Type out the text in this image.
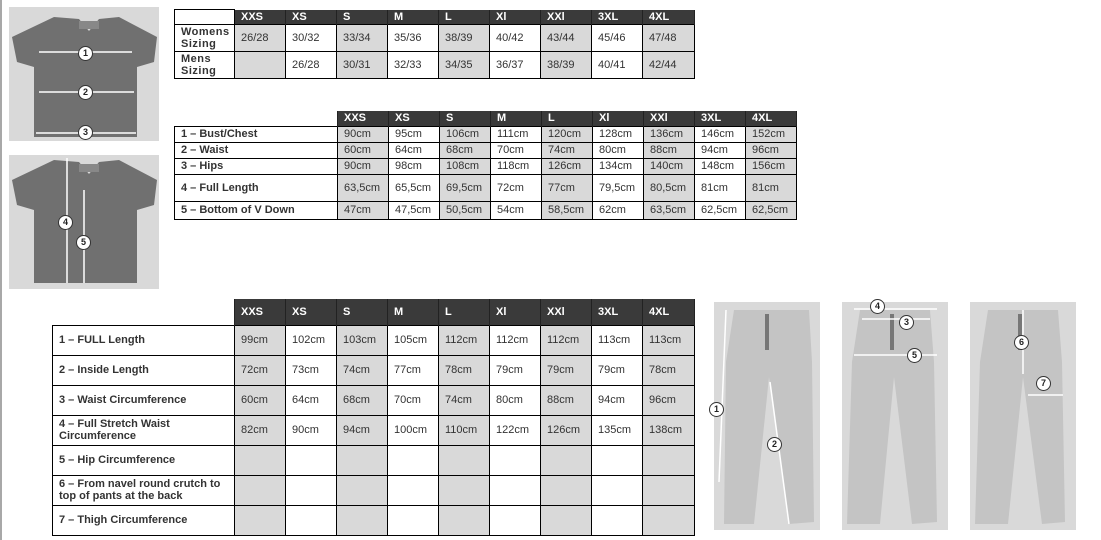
1
2
3
4
5
	XXS	XS	S	M	L	Xl	XXl	3XL	4XL
Womens Sizing	26/28	30/32	33/34	35/36	38/39	40/42	43/44	45/46	47/48
Mens Sizing		26/28	30/31	32/33	34/35	36/37	38/39	40/41	42/44
	XXS	XS	S	M	L	Xl	XXl	3XL	4XL
1 – Bust/Chest	90cm	95cm	106cm	111cm	120cm	128cm	136cm	146cm	152cm
2 – Waist	60cm	64cm	68cm	70cm	74cm	80cm	88cm	94cm	96cm
3 – Hips	90cm	98cm	108cm	118cm	126cm	134cm	140cm	148cm	156cm
4 – Full Length	63,5cm	65,5cm	69,5cm	72cm	77cm	79,5cm	80,5cm	81cm	81cm
5 – Bottom of V Down	47cm	47,5cm	50,5cm	54cm	58,5cm	62cm	63,5cm	62,5cm	62,5cm
	XXS	XS	S	M	L	Xl	XXl	3XL	4XL
1 – FULL Length	99cm	102cm	103cm	105cm	112cm	112cm	112cm	113cm	113cm
2 – Inside Length	72cm	73cm	74cm	77cm	78cm	79cm	79cm	79cm	78cm
3 – Waist Circumference	60cm	64cm	68cm	70cm	74cm	80cm	88cm	94cm	96cm
4 – Full Stretch Waist Circumference	82cm	90cm	94cm	100cm	110cm	122cm	126cm	135cm	138cm
5 – Hip Circumference									
6 – From navel round crutch to top of pants at the back									
7 – Thigh Circumference									
1
2
4
3
5
6
7
